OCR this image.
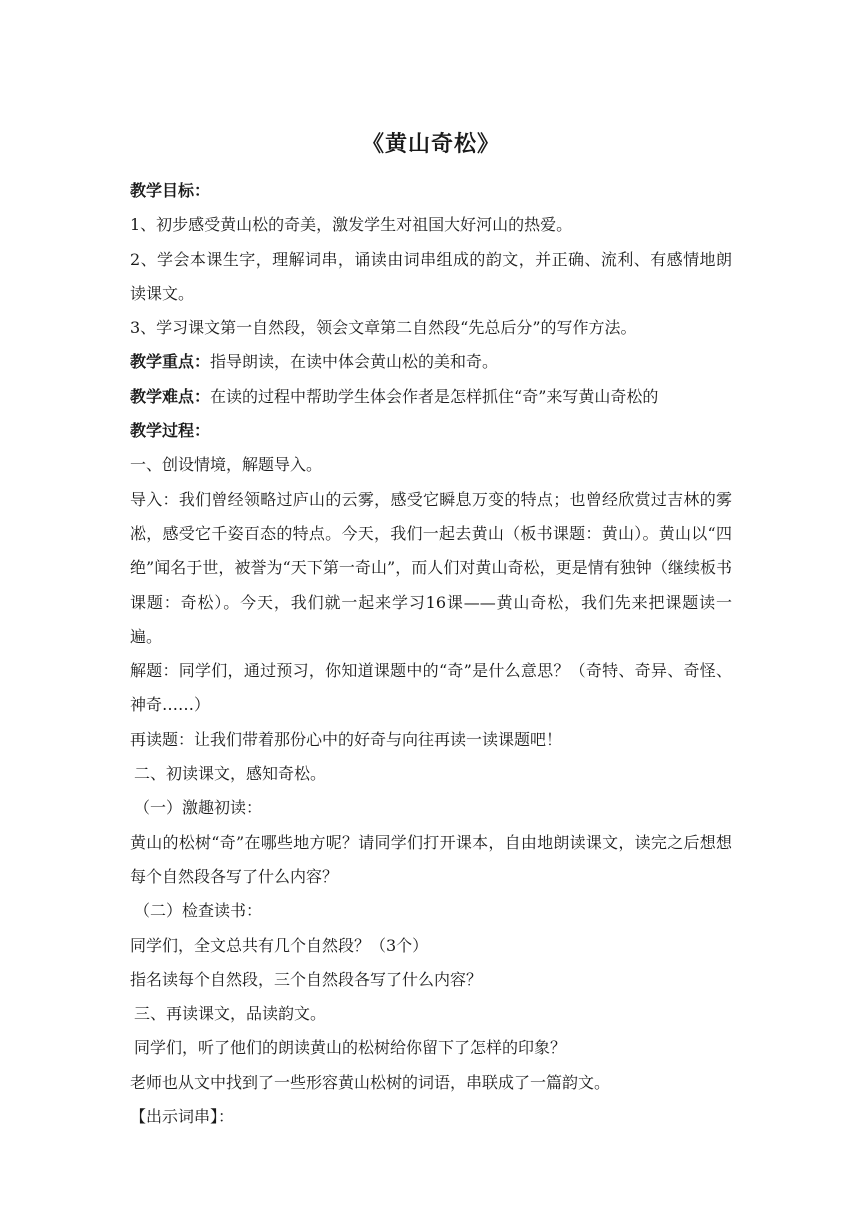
《黄山奇松》

教学目标：

1、初步感受黄山松的奇美，激发学生对祖国大好河山的热爱。

2、学会本课生字，理解词串，诵读由词串组成的韵文，并正确、流利、有感情地朗读课文。

3、学习课文第一自然段，领会文章第二自然段“先总后分”的写作方法。

教学重点：指导朗读，在读中体会黄山松的美和奇。

教学难点：在读的过程中帮助学生体会作者是怎样抓住“奇”来写黄山奇松的

教学过程：

一、创设情境，解题导入。

导入：我们曾经领略过庐山的云雾，感受它瞬息万变的特点；也曾经欣赏过吉林的雾凇，感受它千姿百态的特点。今天，我们一起去黄山（板书课题：黄山）。黄山以“四绝”闻名于世，被誉为“天下第一奇山”，而人们对黄山奇松，更是情有独钟（继续板书课题：奇松）。今天，我们就一起来学习16课——黄山奇松，我们先来把课题读一遍。

解题：同学们，通过预习，你知道课题中的“奇”是什么意思？（奇特、奇异、奇怪、神奇……）

再读题：让我们带着那份心中的好奇与向往再读一读课题吧！

二、初读课文，感知奇松。

（一）激趣初读：

黄山的松树“奇”在哪些地方呢？请同学们打开课本，自由地朗读课文，读完之后想想每个自然段各写了什么内容？

（二）检查读书：

同学们，全文总共有几个自然段？（3个）

指名读每个自然段，三个自然段各写了什么内容？

三、再读课文，品读韵文。

同学们，听了他们的朗读黄山的松树给你留下了怎样的印象？

老师也从文中找到了一些形容黄山松树的词语，串联成了一篇韵文。

【出示词串】：
